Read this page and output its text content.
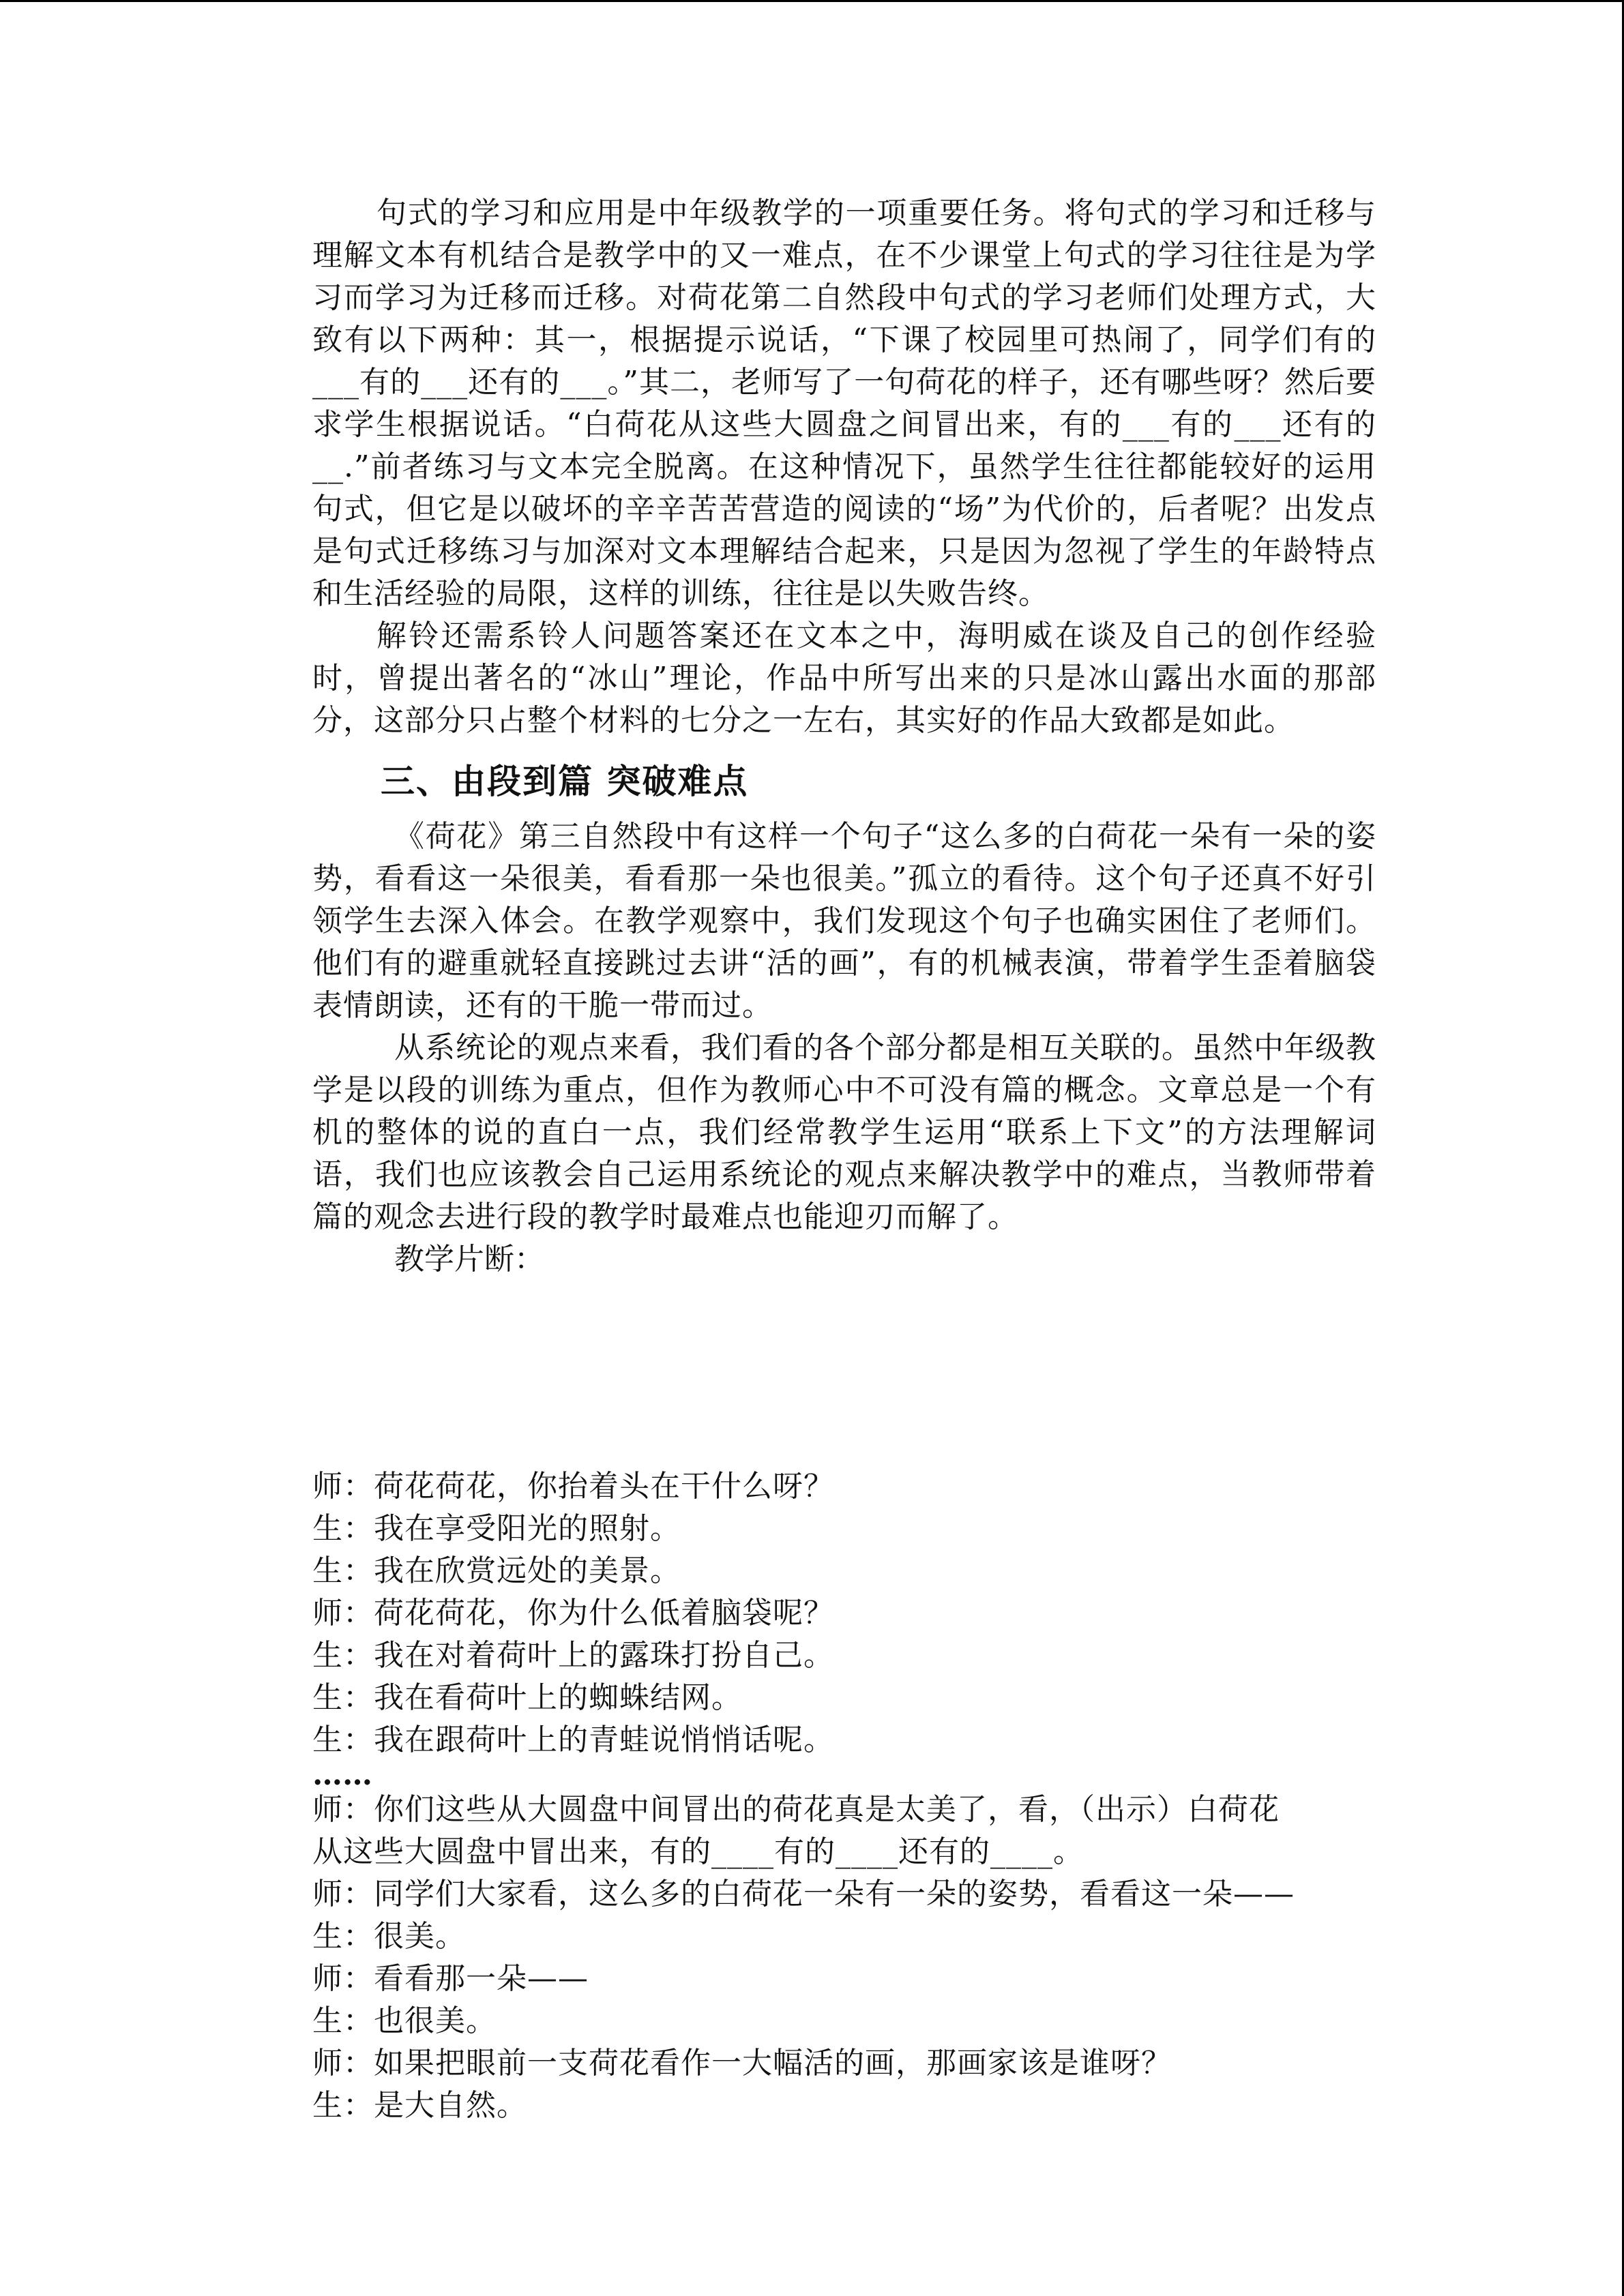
句式的学习和应用是中年级教学的一项重要任务。将句式的学习和迁移与理解文本有机结合是教学中的又一难点，在不少课堂上句式的学习往往是为学习而学习为迁移而迁移。对荷花第二自然段中句式的学习老师们处理方式，大致有以下两种：其一，根据提示说话，“下课了校园里可热闹了，同学们有的___有的___还有的___。”其二，老师写了一句荷花的样子，还有哪些呀？然后要求学生根据说话。“白荷花从这些大圆盘之间冒出来，有的___有的___还有的__.”前者练习与文本完全脱离。在这种情况下，虽然学生往往都能较好的运用句式，但它是以破坏的辛辛苦苦营造的阅读的“场”为代价的，后者呢？出发点是句式迁移练习与加深对文本理解结合起来，只是因为忽视了学生的年龄特点和生活经验的局限，这样的训练，往往是以失败告终。

解铃还需系铃人问题答案还在文本之中，海明威在谈及自己的创作经验时，曾提出著名的“冰山”理论，作品中所写出来的只是冰山露出水面的那部分，这部分只占整个材料的七分之一左右，其实好的作品大致都是如此。

三、由段到篇 突破难点

《荷花》第三自然段中有这样一个句子“这么多的白荷花一朵有一朵的姿势，看看这一朵很美，看看那一朵也很美。”孤立的看待。这个句子还真不好引领学生去深入体会。在教学观察中，我们发现这个句子也确实困住了老师们。他们有的避重就轻直接跳过去讲“活的画”，有的机械表演，带着学生歪着脑袋表情朗读，还有的干脆一带而过。

从系统论的观点来看，我们看的各个部分都是相互关联的。虽然中年级教学是以段的训练为重点，但作为教师心中不可没有篇的概念。文章总是一个有机的整体的说的直白一点，我们经常教学生运用“联系上下文”的方法理解词语，我们也应该教会自己运用系统论的观点来解决教学中的难点，当教师带着篇的观念去进行段的教学时最难点也能迎刃而解了。

教学片断：

师：荷花荷花，你抬着头在干什么呀？

生：我在享受阳光的照射。

生：我在欣赏远处的美景。

师：荷花荷花，你为什么低着脑袋呢？

生：我在对着荷叶上的露珠打扮自己。

生：我在看荷叶上的蜘蛛结网。

生：我在跟荷叶上的青蛙说悄悄话呢。

……

师：你们这些从大圆盘中间冒出的荷花真是太美了，看，（出示）白荷花

从这些大圆盘中冒出来，有的____有的____还有的____。

师：同学们大家看，这么多的白荷花一朵有一朵的姿势，看看这一朵——

生：很美。

师：看看那一朵——

生：也很美。

师：如果把眼前一支荷花看作一大幅活的画，那画家该是谁呀？

生：是大自然。
